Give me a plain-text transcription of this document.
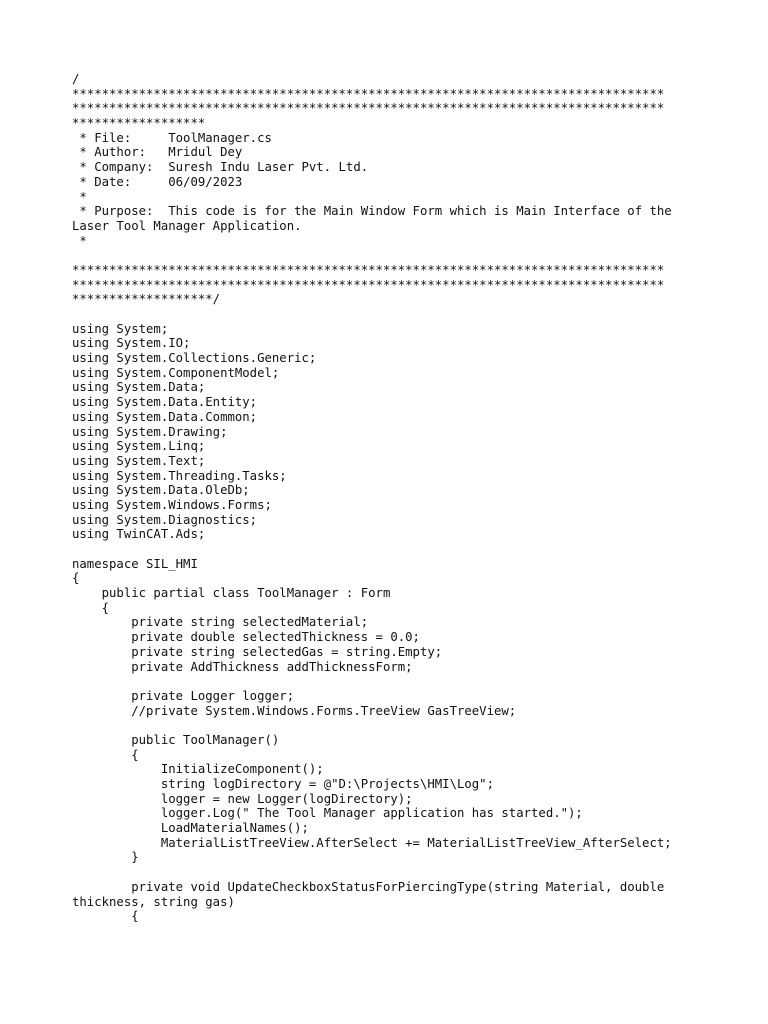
/
********************************************************************************
********************************************************************************
******************
* File:     ToolManager.cs
* Author:   Mridul Dey
* Company:  Suresh Indu Laser Pvt. Ltd.
* Date:     06/09/2023
*
* Purpose:  This code is for the Main Window Form which is Main Interface of the
Laser Tool Manager Application.
*
********************************************************************************
********************************************************************************
*******************/
using System;
using System.IO;
using System.Collections.Generic;
using System.ComponentModel;
using System.Data;
using System.Data.Entity;
using System.Data.Common;
using System.Drawing;
using System.Linq;
using System.Text;
using System.Threading.Tasks;
using System.Data.OleDb;
using System.Windows.Forms;
using System.Diagnostics;
using TwinCAT.Ads;
namespace SIL_HMI
{
public partial class ToolManager : Form
{
private string selectedMaterial;
private double selectedThickness = 0.0;
private string selectedGas = string.Empty;
private AddThickness addThicknessForm;
private Logger logger;
//private System.Windows.Forms.TreeView GasTreeView;
public ToolManager()
{
InitializeComponent();
string logDirectory = @"D:\Projects\HMI\Log";
logger = new Logger(logDirectory);
logger.Log(" The Tool Manager application has started.");
LoadMaterialNames();
MaterialListTreeView.AfterSelect += MaterialListTreeView_AfterSelect;
}
private void UpdateCheckboxStatusForPiercingType(string Material, double
thickness, string gas)
{
